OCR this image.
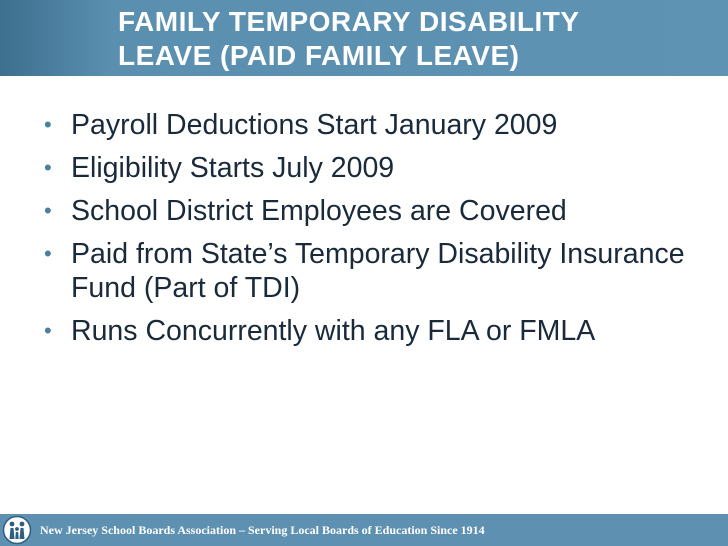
FAMILY TEMPORARY DISABILITY
LEAVE (PAID FAMILY LEAVE)
• Payroll Deductions Start January 2009
• Eligibility Starts July 2009
• School District Employees are Covered
• Paid from State’s Temporary Disability Insurance Fund (Part of TDI)
• Runs Concurrently with any FLA or FMLA
New Jersey School Boards Association – Serving Local Boards of Education Since 1914
